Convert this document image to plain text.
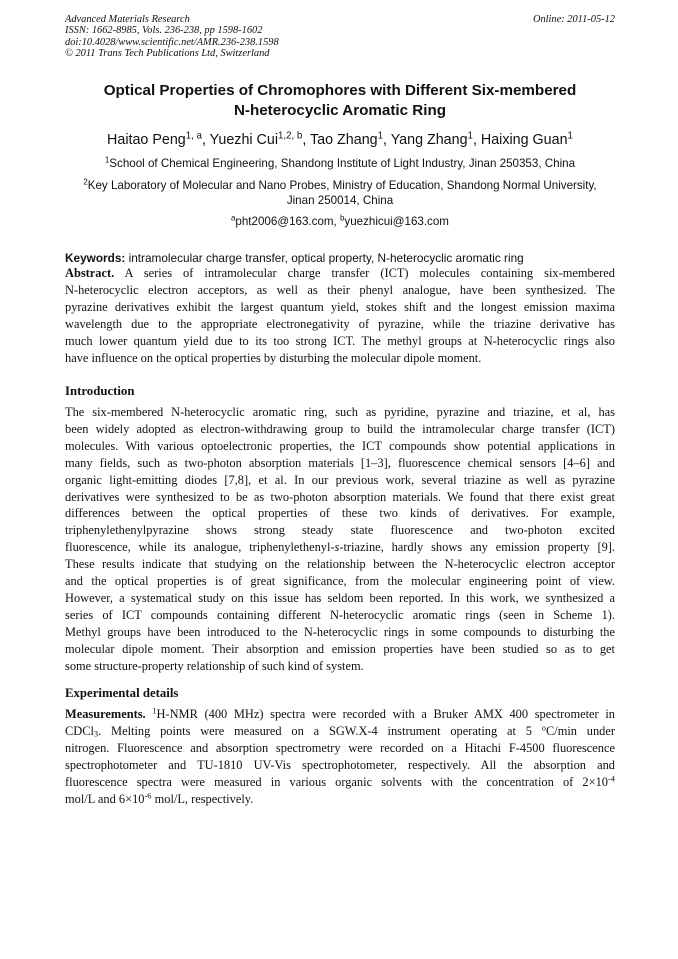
Advanced Materials Research
ISSN: 1662-8985, Vols. 236-238, pp 1598-1602
doi:10.4028/www.scientific.net/AMR.236-238.1598
© 2011 Trans Tech Publications Ltd, Switzerland
Online: 2011-05-12
Optical Properties of Chromophores with Different Six-membered
N-heterocyclic Aromatic Ring
Haitao Peng$^{1, a}$, Yuezhi Cui$^{1,2, b}$, Tao Zhang$^1$, Yang Zhang$^1$, Haixing Guan$^1$
$^1$School of Chemical Engineering, Shandong Institute of Light Industry, Jinan 250353, China
$^2$Key Laboratory of Molecular and Nano Probes, Ministry of Education, Shandong Normal University,
Jinan 250014, China
$^a$pht2006@163.com, $^b$yuezhicui@163.com
Keywords: intramolecular charge transfer, optical property, N-heterocyclic aromatic ring

Abstract. A series of intramolecular charge transfer (ICT) molecules containing six-membered

N-heterocyclic electron acceptors, as well as their phenyl analogue, have been synthesized. The

pyrazine derivatives exhibit the largest quantum yield, stokes shift and the longest emission maxima

wavelength due to the appropriate electronegativity of pyrazine, while the triazine derivative has

much lower quantum yield due to its too strong ICT. The methyl groups at N-heterocyclic rings also

have influence on the optical properties by disturbing the molecular dipole moment.

Introduction

The six-membered N-heterocyclic aromatic ring, such as pyridine, pyrazine and triazine, et al, has

been widely adopted as electron-withdrawing group to build the intramolecular charge transfer (ICT)

molecules. With various optoelectronic properties, the ICT compounds show potential applications in

many fields, such as two-photon absorption materials [1–3], fluorescence chemical sensors [4–6] and

organic light-emitting diodes [7,8], et al. In our previous work, several triazine as well as pyrazine

derivatives were synthesized to be as two-photon absorption materials. We found that there exist great

differences between the optical properties of these two kinds of derivatives. For example,

triphenylethenylpyrazine shows strong steady state fluorescence and two-photon excited

fluorescence, while its analogue, triphenylethenyl-s-triazine, hardly shows any emission property [9].

These results indicate that studying on the relationship between the N-heterocyclic electron acceptor

and the optical properties is of great significance, from the molecular engineering point of view.

However, a systematical study on this issue has seldom been reported. In this work, we synthesized a

series of ICT compounds containing different N-heterocyclic aromatic rings (seen in Scheme 1).

Methyl groups have been introduced to the N-heterocyclic rings in some compounds to disturbing the

molecular dipole moment. Their absorption and emission properties have been studied so as to get

some structure-property relationship of such kind of system.

Experimental details

Measurements. $^1$H-NMR (400 MHz) spectra were recorded with a Bruker AMX 400 spectrometer in

CDCl$_3$. Melting points were measured on a SGW.X-4 instrument operating at 5 $^o$C/min under

nitrogen. Fluorescence and absorption spectrometry were recorded on a Hitachi F-4500 fluorescence

spectrophotometer and TU-1810 UV-Vis spectrophotometer, respectively. All the absorption and

fluorescence spectra were measured in various organic solvents with the concentration of $2\times 10^{-4}$

mol/L and $6\times 10^{-6}$ mol/L, respectively.
